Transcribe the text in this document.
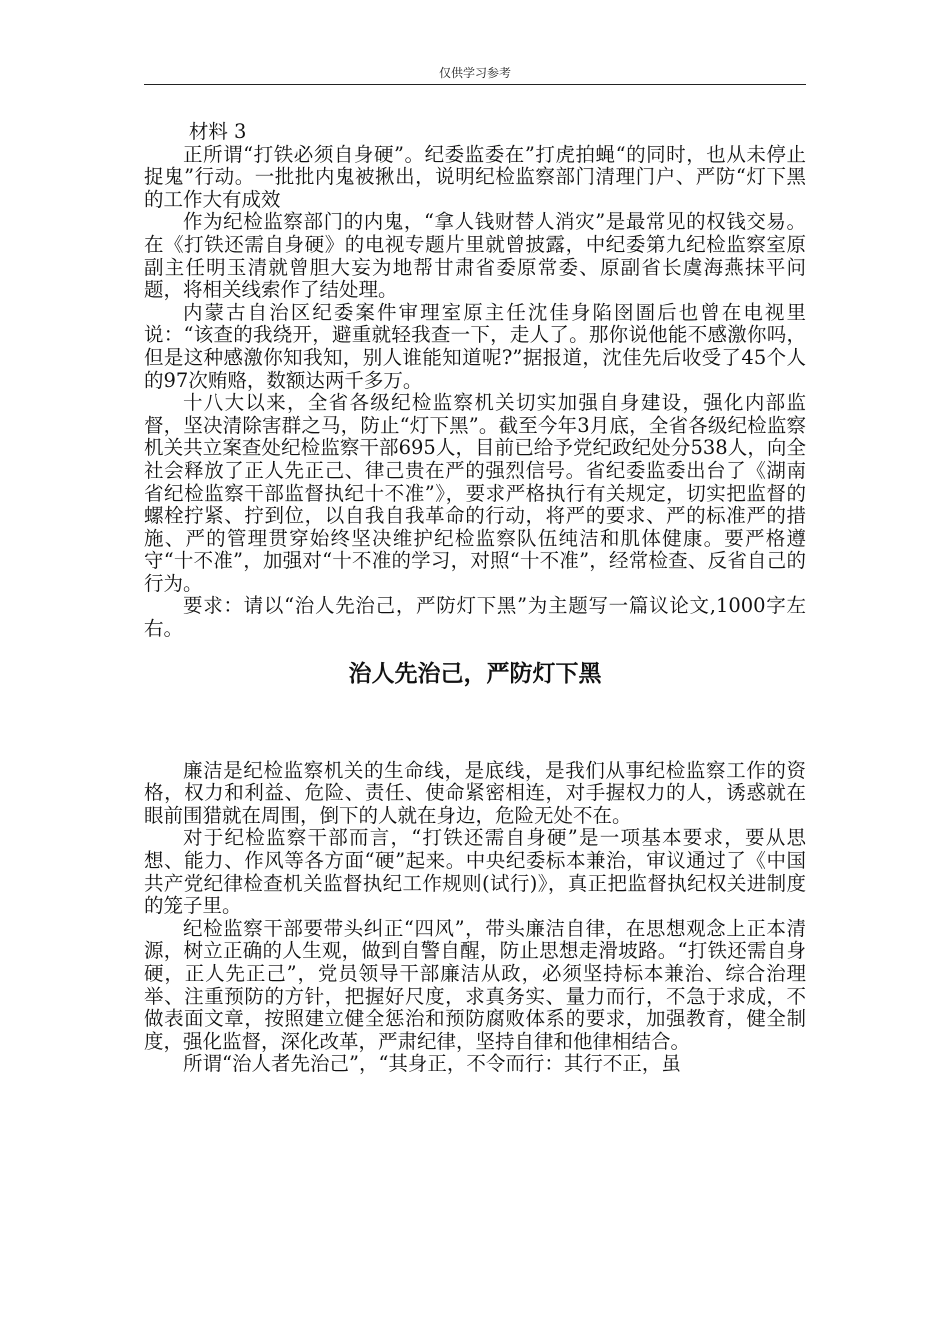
仅供学习参考

材料 3

正所谓“打铁必须自身硬”。纪委监委在”打虎拍蝇“的同时，也从未停止捉鬼”行动。一批批内鬼被揪出，说明纪检监察部门清理门户、严防“灯下黑的工作大有成效

作为纪检监察部门的内鬼，“拿人钱财替人消灾”是最常见的权钱交易。在《打铁还需自身硬》的电视专题片里就曾披露，中纪委第九纪检监察室原副主任明玉清就曾胆大妄为地帮甘肃省委原常委、原副省长虞海燕抹平问题，将相关线索作了结处理。

内蒙古自治区纪委案件审理室原主任沈佳身陷囹圄后也曾在电视里说：“该查的我绕开，避重就轻我查一下，走人了。那你说他能不感激你吗，但是这种感激你知我知，别人谁能知道呢?”据报道，沈佳先后收受了45个人的97次贿赂，数额达两千多万。

十八大以来，全省各级纪检监察机关切实加强自身建设，强化内部监督，坚决清除害群之马，防止“灯下黑”。截至今年3月底，全省各级纪检监察机关共立案查处纪检监察干部695人，目前已给予党纪政纪处分538人，向全社会释放了正人先正己、律己贵在严的强烈信号。省纪委监委出台了《湖南省纪检监察干部监督执纪十不准”》，要求严格执行有关规定，切实把监督的螺栓拧紧、拧到位，以自我自我革命的行动，将严的要求、严的标准严的措施、严的管理贯穿始终坚决维护纪检监察队伍纯洁和肌体健康。要严格遵守“十不准”，加强对“十不准的学习，对照“十不准”，经常检查、反省自己的行为。

要求：请以“治人先治己，严防灯下黑”为主题写一篇议论文,1000字左右。

治人先治己，严防灯下黑

廉洁是纪检监察机关的生命线，是底线，是我们从事纪检监察工作的资格，权力和利益、危险、责任、使命紧密相连，对手握权力的人，诱惑就在眼前围猎就在周围，倒下的人就在身边，危险无处不在。

对于纪检监察干部而言，“打铁还需自身硬”是一项基本要求，要从思想、能力、作风等各方面“硬”起来。中央纪委标本兼治，审议通过了《中国共产党纪律检查机关监督执纪工作规则(试行)》，真正把监督执纪权关进制度的笼子里。

纪检监察干部要带头纠正“四风”，带头廉洁自律，在思想观念上正本清源，树立正确的人生观，做到自警自醒，防止思想走滑坡路。“打铁还需自身硬，正人先正己”，党员领导干部廉洁从政，必须坚持标本兼治、综合治理举、注重预防的方针，把握好尺度，求真务实、量力而行，不急于求成，不做表面文章，按照建立健全惩治和预防腐败体系的要求，加强教育，健全制度，强化监督，深化改革，严肃纪律，坚持自律和他律相结合。

所谓“治人者先治己”，“其身正，不令而行：其行不正，虽
